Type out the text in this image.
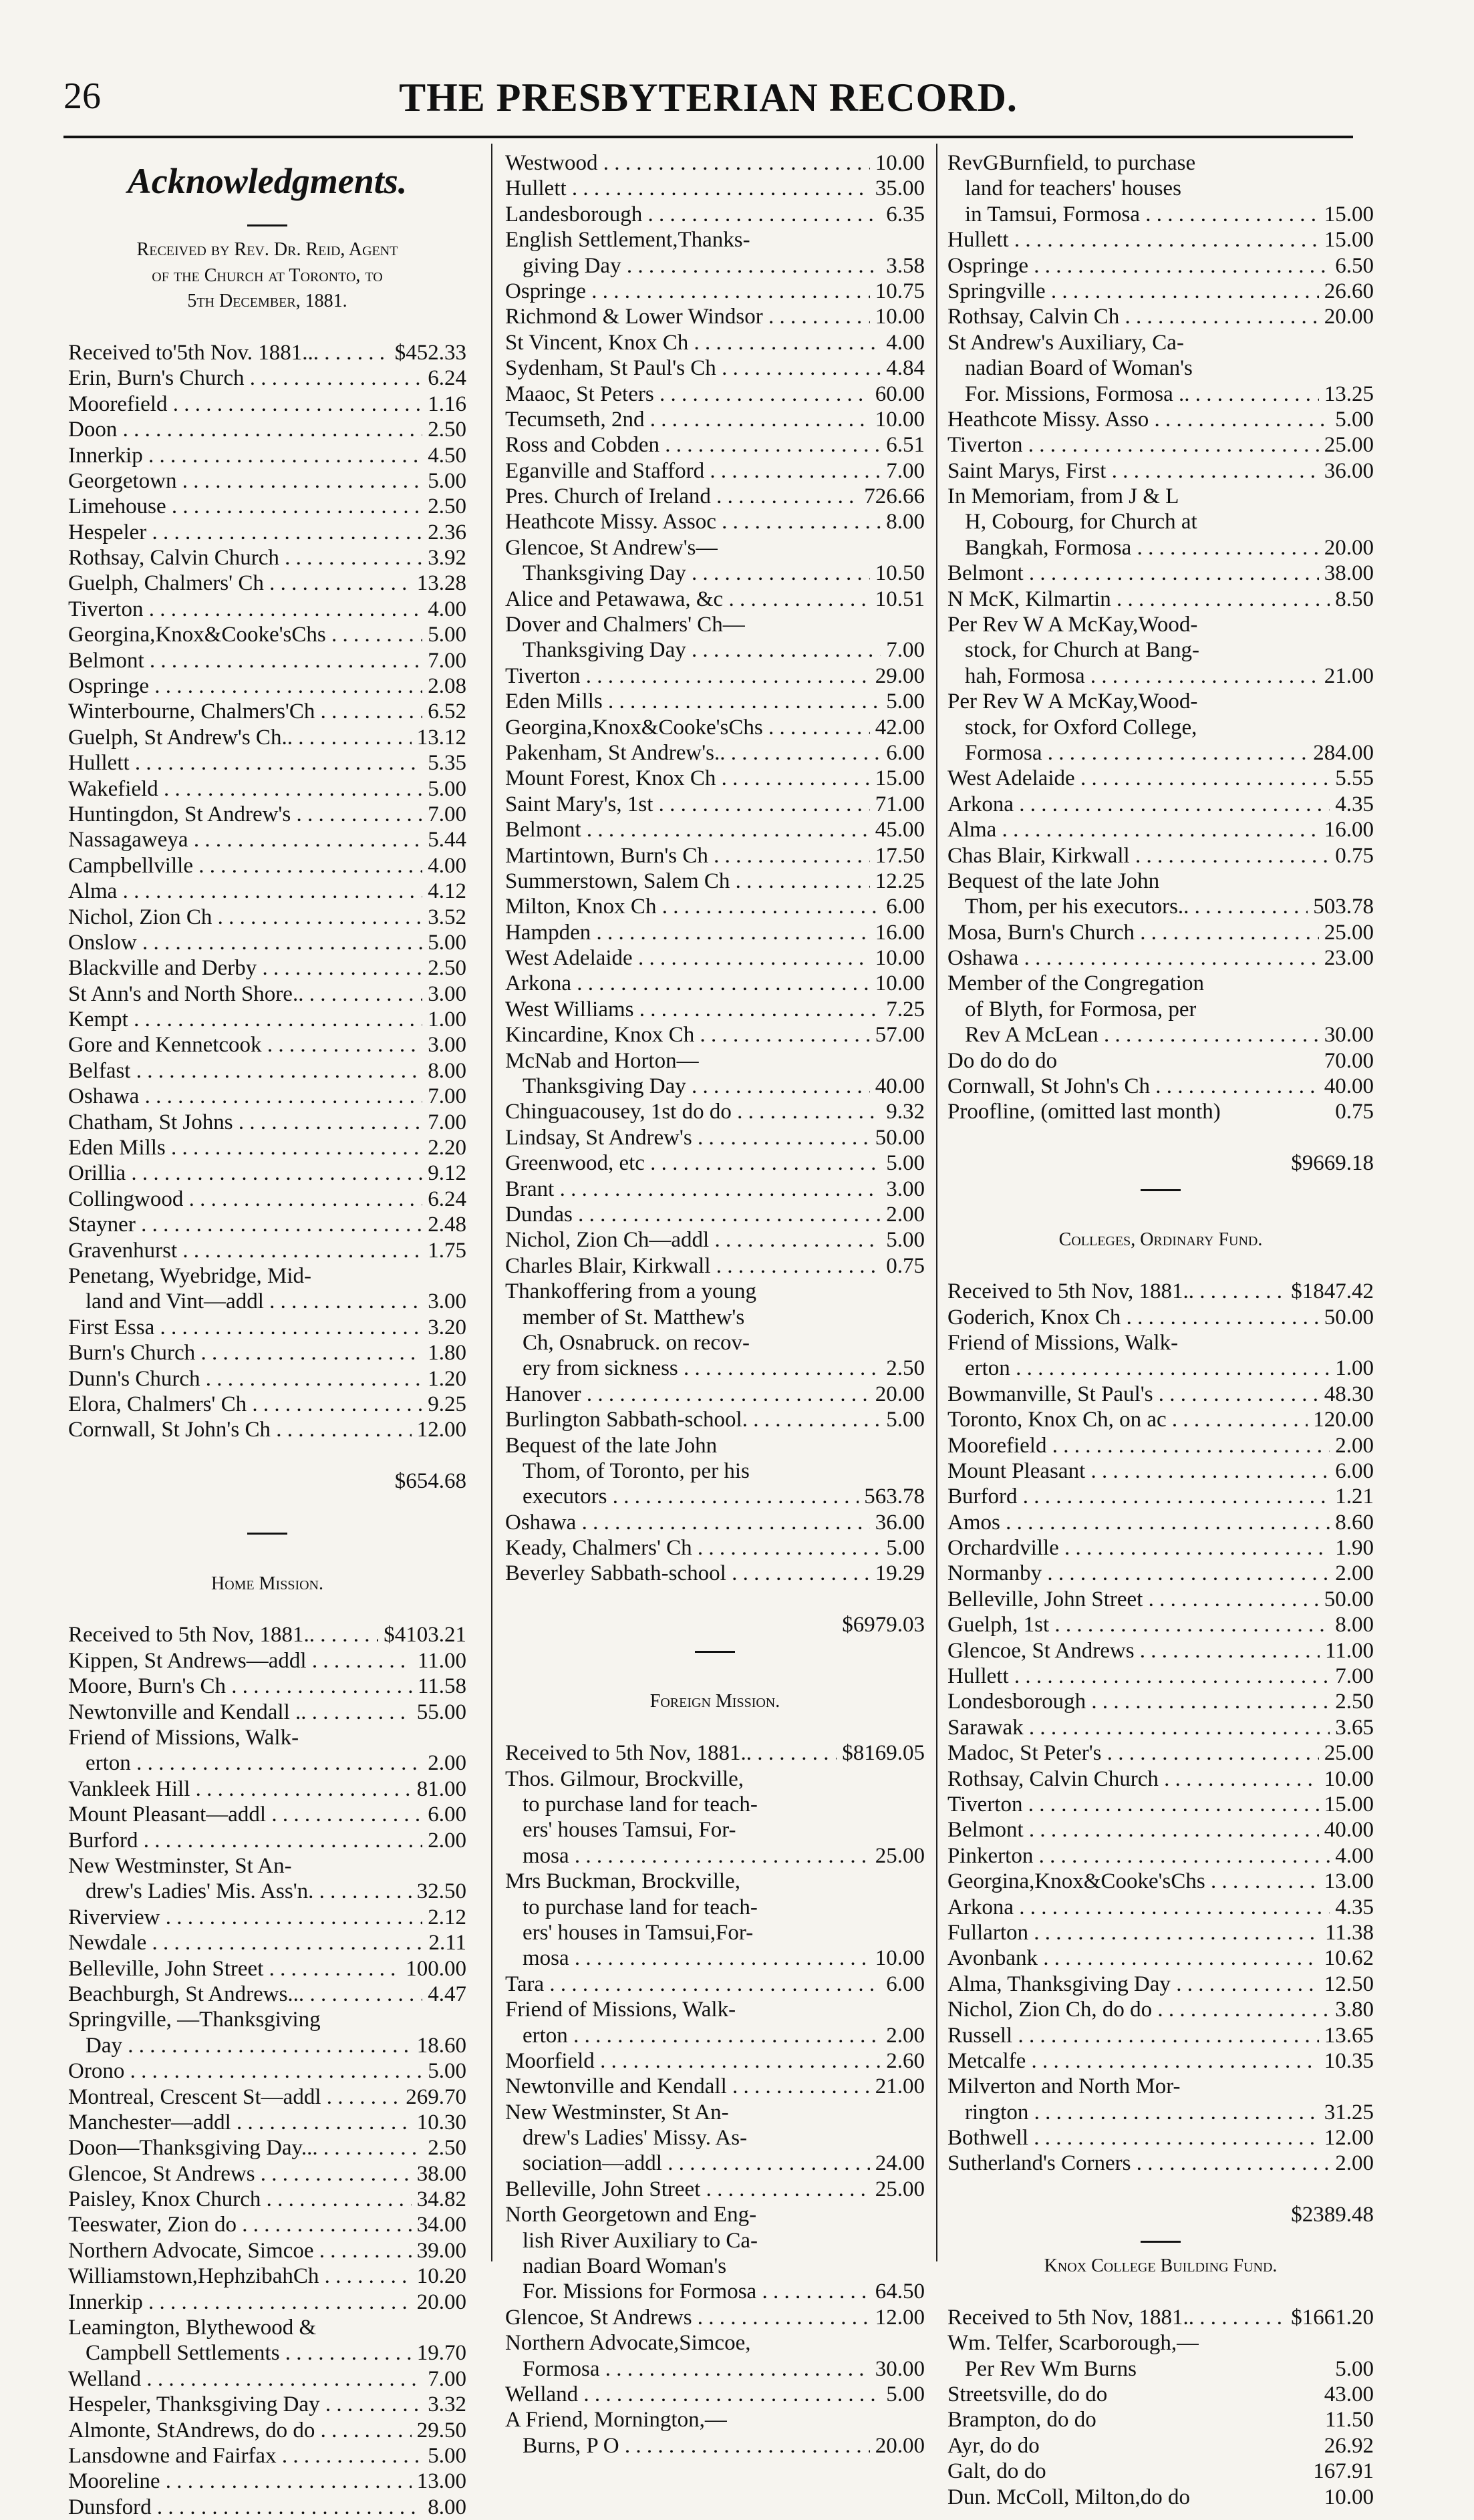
26	THE PRESBYTERIAN RECORD.
Acknowledgments.
Received by Rev. Dr. Reid, Agent
of the Church at Toronto, to
5th December, 1881.
Received to'5th Nov. 1881... . . .	$452.33
Erin, Burn's Church . . .	6.24
Moorefield . . .	1.16
Doon . . .	2.50
Innerkip . . .	4.50
Georgetown . . .	5.00
Limehouse . . .	2.50
Hespeler . . .	2.36
Rothsay, Calvin Church . . .	3.92
Guelph, Chalmers' Ch . . .	13.28
Tiverton . . .	4.00
Georgina,Knox&Cooke'sChs . . .	5.00
Belmont . . .	7.00
Ospringe . . .	2.08
Winterbourne, Chalmers'Ch . . .	6.52
Guelph, St Andrew's Ch.. . . .	13.12
Hullett . . .	5.35
Wakefield . . .	5.00
Huntingdon, St Andrew's . . . .	7.00
Nassagaweya . . .	5.44
Campbellville . . .	4.00
Alma . . .	4.12
Nichol, Zion Ch . . .	3.52
Onslow . . .	5.00
Blackville and Derby . . .	2.50
St Ann's and North Shore.. . . .	3.00
Kempt . . .	1.00
Gore and Kennetcook . . .	3.00
Belfast . . .	8.00
Oshawa . . .	7.00
Chatham, St Johns . . .	7.00
Eden Mills . . .	2.20
Orillia . . .	9.12
Collingwood . . .	6.24
Stayner . . .	2.48
Gravenhurst . . .	1.75
Penetang, Wyebridge, Mid-
land and Vint—addl . . .	3.00
First Essa . . .	3.20
Burn's Church . . .	1.80
Dunn's Church . . .	1.20
Elora, Chalmers' Ch . . .	9.25
Cornwall, St John's Ch . . .	12.00
$654.68
Home Mission.
Received to 5th Nov, 1881.. . . .	$4103.21
Kippen, St Andrews—addl . . .	11.00
Moore, Burn's Ch . . .	11.58
Newtonville and Kendall .. . . .	55.00
Friend of Missions, Walk-
erton . . .	2.00
Vankleek Hill . . .	81.00
Mount Pleasant—addl . . .	6.00
Burford . . .	2.00
New Westminster, St An-
drew's Ladies' Mis. Ass'n. . . .	32.50
Riverview . . .	2.12
Newdale . . .	2.11
Belleville, John Street . . .	100.00
Beachburgh, St Andrews... . . .	4.47
Springville, —Thanksgiving
Day . . .	18.60
Orono . . .	5.00
Montreal, Crescent St—addl . . .	269.70
Manchester—addl . . .	10.30
Doon—Thanksgiving Day... . . .	2.50
Glencoe, St Andrews . . .	38.00
Paisley, Knox Church . . .	34.82
Teeswater, Zion do . . .	34.00
Northern Advocate, Simcoe . . .	39.00
Williamstown,HephzibahCh . . .	10.20
Innerkip . . .	20.00
Leamington, Blythewood &
Campbell Settlements . . .	19.70
Welland . . .	7.00
Hespeler, Thanksgiving Day . . .	3.32
Almonte, StAndrews, do do . . .	29.50
Lansdowne and Fairfax . . .	5.00
Mooreline . . .	13.00
Dunsford . . .	8.00
Westwood . . .	10.00
Hullett . . .	35.00
Landesborough . . .	6.35
English Settlement,Thanks-
giving Day . . .	3.58
Ospringe . . .	10.75
Richmond & Lower Windsor . . .	10.00
St Vincent, Knox Ch . . .	4.00
Sydenham, St Paul's Ch . . .	4.84
Maaoc, St Peters . . .	60.00
Tecumseth, 2nd . . .	10.00
Ross and Cobden . . .	6.51
Eganville and Stafford . . .	7.00
Pres. Church of Ireland . . .	726.66
Heathcote Missy. Assoc . . .	8.00
Glencoe, St Andrew's—
Thanksgiving Day . . .	10.50
Alice and Petawawa, &c . . .	10.51
Dover and Chalmers' Ch—
Thanksgiving Day . . .	7.00
Tiverton . . .	29.00
Eden Mills . . .	5.00
Georgina,Knox&Cooke'sChs . . .	42.00
Pakenham, St Andrew's.. . . .	6.00
Mount Forest, Knox Ch . . .	15.00
Saint Mary's, 1st . . .	71.00
Belmont . . .	45.00
Martintown, Burn's Ch . . .	17.50
Summerstown, Salem Ch . . .	12.25
Milton, Knox Ch . . .	6.00
Hampden . . .	16.00
West Adelaide . . .	10.00
Arkona . . .	10.00
West Williams . . .	7.25
Kincardine, Knox Ch . . .	57.00
McNab and Horton—
Thanksgiving Day . . .	40.00
Chinguacousey, 1st do do . . .	9.32
Lindsay, St Andrew's . . .	50.00
Greenwood, etc . . .	5.00
Brant . . .	3.00
Dundas . . .	2.00
Nichol, Zion Ch—addl . . .	5.00
Charles Blair, Kirkwall . . .	0.75
Thankoffering from a young
member of St. Matthew's
Ch, Osnabruck. on recov-
ery from sickness . . .	2.50
Hanover . . .	20.00
Burlington Sabbath-school. . . .	5.00
Bequest of the late John
Thom, of Toronto, per his
executors . . .	563.78
Oshawa . . .	36.00
Keady, Chalmers' Ch . . .	5.00
Beverley Sabbath-school . . .	19.29
$6979.03
Foreign Mission.
Received to 5th Nov, 1881.. . . .	$8169.05
Thos. Gilmour, Brockville,
to purchase land for teach-
ers' houses Tamsui, For-
mosa . . .	25.00
Mrs Buckman, Brockville,
to purchase land for teach-
ers' houses in Tamsui,For-
mosa . . .	10.00
Tara . . .	6.00
Friend of Missions, Walk-
erton . . .	2.00
Moorfield . . .	2.60
Newtonville and Kendall . . .	21.00
New Westminster, St An-
drew's Ladies' Missy. As-
sociation—addl . . .	24.00
Belleville, John Street . . .	25.00
North Georgetown and Eng-
lish River Auxiliary to Ca-
nadian Board Woman's
For. Missions for Formosa . . .	64.50
Glencoe, St Andrews . . .	12.00
Northern Advocate,Simcoe,
Formosa . . .	30.00
Welland . . .	5.00
A Friend, Mornington,—
Burns, P O . . .	20.00
RevGBurnfield, to purchase
land for teachers' houses
in Tamsui, Formosa . . .	15.00
Hullett . . .	15.00
Ospringe . . .	6.50
Springville . . .	26.60
Rothsay, Calvin Ch . . .	20.00
St Andrew's Auxiliary, Ca-
nadian Board of Woman's
For. Missions, Formosa .. . . .	13.25
Heathcote Missy. Asso . . .	5.00
Tiverton . . .	25.00
Saint Marys, First . . .	36.00
In Memoriam, from J & L
H, Cobourg, for Church at
Bangkah, Formosa . . .	20.00
Belmont . . .	38.00
N McK, Kilmartin . . .	8.50
Per Rev W A McKay,Wood-
stock, for Church at Bang-
hah, Formosa . . .	21.00
Per Rev W A McKay,Wood-
stock, for Oxford College,
Formosa . . .	284.00
West Adelaide . . .	5.55
Arkona . . .	4.35
Alma . . .	16.00
Chas Blair, Kirkwall . . .	0.75
Bequest of the late John
Thom, per his executors.. . . .	503.78
Mosa, Burn's Church . . .	25.00
Oshawa . . .	23.00
Member of the Congregation
of Blyth, for Formosa, per
Rev A McLean . . .	30.00
Do do do do	70.00
Cornwall, St John's Ch . . .	40.00
Proofline, (omitted last month)	0.75
$9669.18
Colleges, Ordinary Fund.
Received to 5th Nov, 1881.. . . .	$1847.42
Goderich, Knox Ch . . .	50.00
Friend of Missions, Walk-
erton . . .	1.00
Bowmanville, St Paul's . . .	48.30
Toronto, Knox Ch, on ac . . .	120.00
Moorefield . . .	2.00
Mount Pleasant . . .	6.00
Burford . . .	1.21
Amos . . .	8.60
Orchardville . . .	1.90
Normanby . . .	2.00
Belleville, John Street . . .	50.00
Guelph, 1st . . .	8.00
Glencoe, St Andrews . . .	11.00
Hullett . . .	7.00
Londesborough . . .	2.50
Sarawak . . .	3.65
Madoc, St Peter's . . .	25.00
Rothsay, Calvin Church . . .	10.00
Tiverton . . .	15.00
Belmont . . .	40.00
Pinkerton . . .	4.00
Georgina,Knox&Cooke'sChs . . .	13.00
Arkona . . .	4.35
Fullarton . . .	11.38
Avonbank . . .	10.62
Alma, Thanksgiving Day . . .	12.50
Nichol, Zion Ch, do do . . .	3.80
Russell . . .	13.65
Metcalfe . . .	10.35
Milverton and North Mor-
rington . . .	31.25
Bothwell . . .	12.00
Sutherland's Corners . . .	2.00
$2389.48
Knox College Building Fund.
Received to 5th Nov, 1881.. . . .	$1661.20
Wm. Telfer, Scarborough,—
Per Rev Wm Burns	5.00
Streetsville, do do	43.00
Brampton, do do	11.50
Ayr, do do	26.92
Galt, do do	167.91
Dun. McColl, Milton,do do	10.00
